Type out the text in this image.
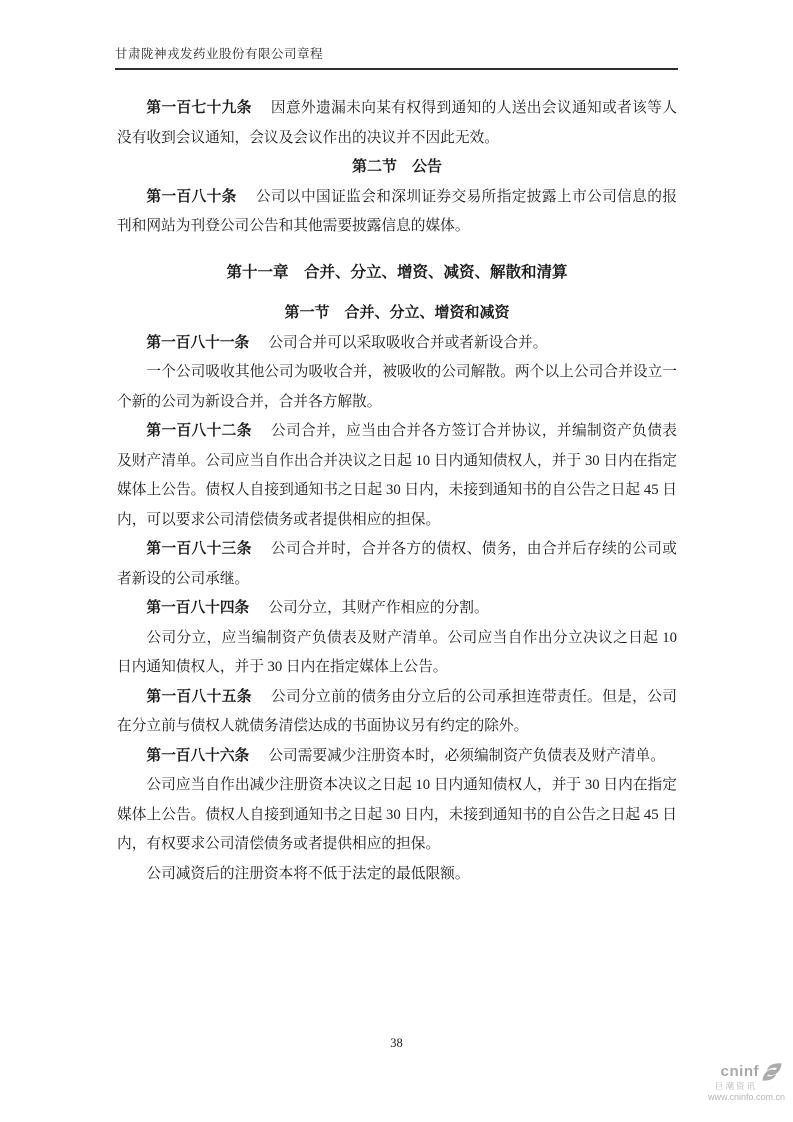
甘肃陇神戎发药业股份有限公司章程

第一百七十九条 因意外遗漏未向某有权得到通知的人送出会议通知或者该等人没有收到会议通知，会议及会议作出的决议并不因此无效。

第二节　公告

第一百八十条 公司以中国证监会和深圳证券交易所指定披露上市公司信息的报刊和网站为刊登公司公告和其他需要披露信息的媒体。

第十一章　合并、分立、增资、减资、解散和清算

第一节　合并、分立、增资和减资

第一百八十一条 公司合并可以采取吸收合并或者新设合并。

一个公司吸收其他公司为吸收合并，被吸收的公司解散。两个以上公司合并设立一个新的公司为新设合并，合并各方解散。

第一百八十二条 公司合并，应当由合并各方签订合并协议，并编制资产负债表及财产清单。公司应当自作出合并决议之日起 10 日内通知债权人，并于 30 日内在指定媒体上公告。债权人自接到通知书之日起 30 日内，未接到通知书的自公告之日起 45 日内，可以要求公司清偿债务或者提供相应的担保。

第一百八十三条 公司合并时，合并各方的债权、债务，由合并后存续的公司或者新设的公司承继。

第一百八十四条 公司分立，其财产作相应的分割。

公司分立，应当编制资产负债表及财产清单。公司应当自作出分立决议之日起 10 日内通知债权人，并于 30 日内在指定媒体上公告。

第一百八十五条 公司分立前的债务由分立后的公司承担连带责任。但是，公司在分立前与债权人就债务清偿达成的书面协议另有约定的除外。

第一百八十六条 公司需要减少注册资本时，必须编制资产负债表及财产清单。

公司应当自作出减少注册资本决议之日起 10 日内通知债权人，并于 30 日内在指定媒体上公告。债权人自接到通知书之日起 30 日内，未接到通知书的自公告之日起 45 日内，有权要求公司清偿债务或者提供相应的担保。

公司减资后的注册资本将不低于法定的最低限额。

38
cninf
巨潮资讯
www.cninfo.com.cn
